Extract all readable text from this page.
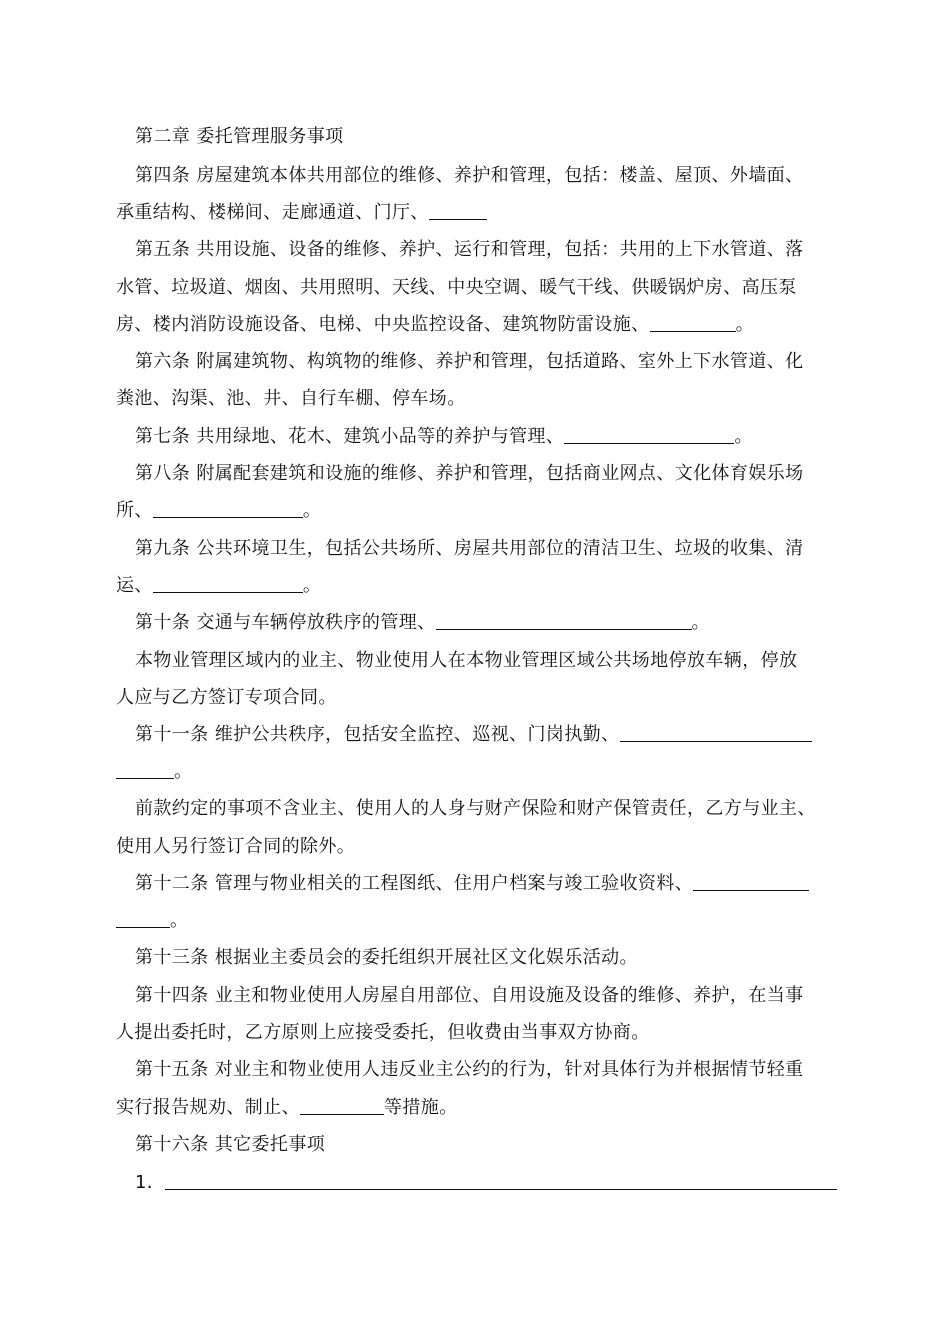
第二章 委托管理服务事项
第四条 房屋建筑本体共用部位的维修、养护和管理，包括：楼盖、屋顶、外墙面、
承重结构、楼梯间、走廊通道、门厅、
第五条 共用设施、设备的维修、养护、运行和管理，包括：共用的上下水管道、落
水管、垃圾道、烟囱、共用照明、天线、中央空调、暖气干线、供暖锅炉房、高压泵
房、楼内消防设施设备、电梯、中央监控设备、建筑物防雷设施、	。
第六条 附属建筑物、构筑物的维修、养护和管理，包括道路、室外上下水管道、化
粪池、沟渠、池、井、自行车棚、停车场。
第七条 共用绿地、花木、建筑小品等的养护与管理、	。
第八条 附属配套建筑和设施的维修、养护和管理，包括商业网点、文化体育娱乐场
所、	。
第九条 公共环境卫生，包括公共场所、房屋共用部位的清洁卫生、垃圾的收集、清
运、	。
第十条 交通与车辆停放秩序的管理、	。
本物业管理区域内的业主、物业使用人在本物业管理区域公共场地停放车辆，停放
人应与乙方签订专项合同。
第十一条 维护公共秩序，包括安全监控、巡视、门岗执勤、
。
前款约定的事项不含业主、使用人的人身与财产保险和财产保管责任，乙方与业主、
使用人另行签订合同的除外。
第十二条 管理与物业相关的工程图纸、住用户档案与竣工验收资料、
。
第十三条 根据业主委员会的委托组织开展社区文化娱乐活动。
第十四条 业主和物业使用人房屋自用部位、自用设施及设备的维修、养护，在当事
人提出委托时，乙方原则上应接受委托，但收费由当事双方协商。
第十五条 对业主和物业使用人违反业主公约的行为，针对具体行为并根据情节轻重
实行报告规劝、制止、	等措施。
第十六条 其它委托事项
1．
